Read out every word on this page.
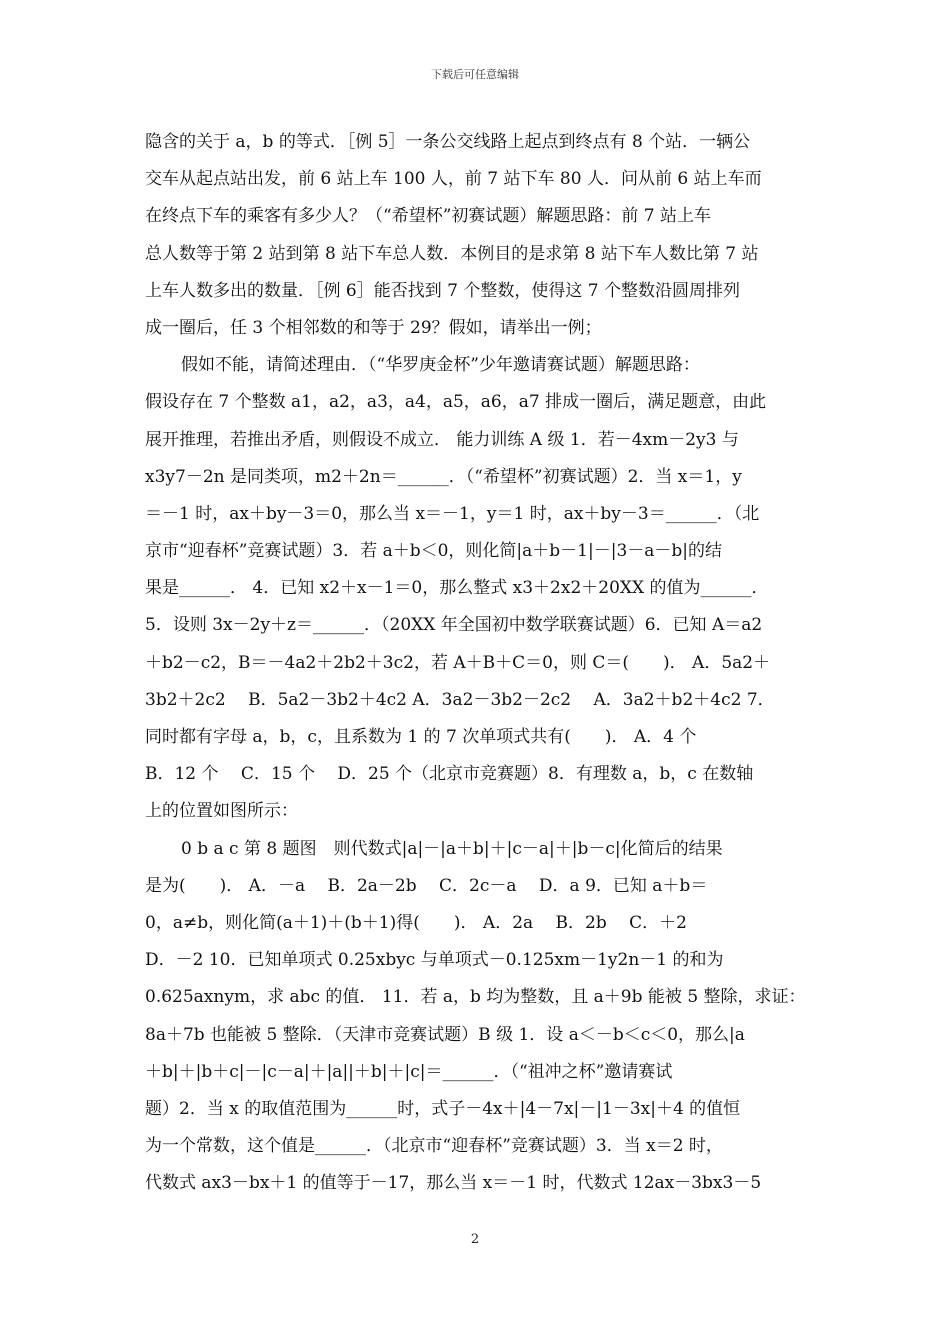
下载后可任意编辑
隐含的关于 a，b 的等式．［例 5］一条公交线路上起点到终点有 8 个站．一辆公
交车从起点站出发，前 6 站上车 100 人，前 7 站下车 80 人．问从前 6 站上车而
在终点下车的乘客有多少人？（“希望杯”初赛试题）解题思路：前 7 站上车
总人数等于第 2 站到第 8 站下车总人数．本例目的是求第 8 站下车人数比第 7 站
上车人数多出的数量．［例 6］能否找到 7 个整数，使得这 7 个整数沿圆周排列
成一圈后，任 3 个相邻数的和等于 29？假如，请举出一例；
假如不能，请简述理由．（“华罗庚金杯”少年邀请赛试题）解题思路：
假设存在 7 个整数 a1，a2，a3，a4，a5，a6，a7 排成一圈后，满足题意，由此
展开推理，若推出矛盾，则假设不成立． 能力训练 A 级 1．若－4xm－2y3 与
x3y7－2n 是同类项，m2＋2n＝______．（“希望杯”初赛试题）2．当 x＝1，y
＝－1 时，ax＋by－3＝0，那么当 x＝－1，y＝1 时，ax＋by－3＝______．（北
京市“迎春杯”竞赛试题）3．若 a＋b＜0，则化简|a＋b－1|－|3－a－b|的结
果是______． 4．已知 x2＋x－1＝0，那么整式 x3＋2x2＋20XX 的值为______．
5．设则 3x－2y＋z＝______．（20XX 年全国初中数学联赛试题）6．已知 A＝a2
＋b2－c2，B＝－4a2＋2b2＋3c2，若 A＋B＋C＝0，则 C＝(　　)． A．5a2＋
3b2＋2c2　 B．5a2－3b2＋4c2 A．3a2－3b2－2c2　 A．3a2＋b2＋4c2 7．
同时都有字母 a，b，c，且系数为 1 的 7 次单项式共有(　　)． A．4 个
B．12 个　 C．15 个　 D．25 个（北京市竞赛题）8．有理数 a，b，c 在数轴
上的位置如图所示：
0 b a c 第 8 题图　则代数式|a|－|a＋b|＋|c－a|＋|b－c|化简后的结果
是为(　　)． A．－a　 B．2a－2b　 C．2c－a　 D．a 9．已知 a＋b＝
0，a≠b，则化简(a＋1)＋(b＋1)得(　　)． A．2a　 B．2b　 C．＋2
D．－2 10．已知单项式 0.25xbyc 与单项式－0.125xm－1y2n－1 的和为
0.625axnym，求 abc 的值． 11．若 a，b 均为整数，且 a＋9b 能被 5 整除，求证：
8a＋7b 也能被 5 整除．（天津市竞赛试题）B 级 1．设 a＜－b＜c＜0，那么|a
＋b|＋|b＋c|－|c－a|＋|a||＋b|＋|c|＝______．（“祖冲之杯”邀请赛试
题）2．当 x 的取值范围为______时，式子－4x＋|4－7x|－|1－3x|＋4 的值恒
为一个常数，这个值是______．（北京市“迎春杯”竞赛试题）3．当 x＝2 时，
代数式 ax3－bx＋1 的值等于－17，那么当 x＝－1 时，代数式 12ax－3bx3－5
2
